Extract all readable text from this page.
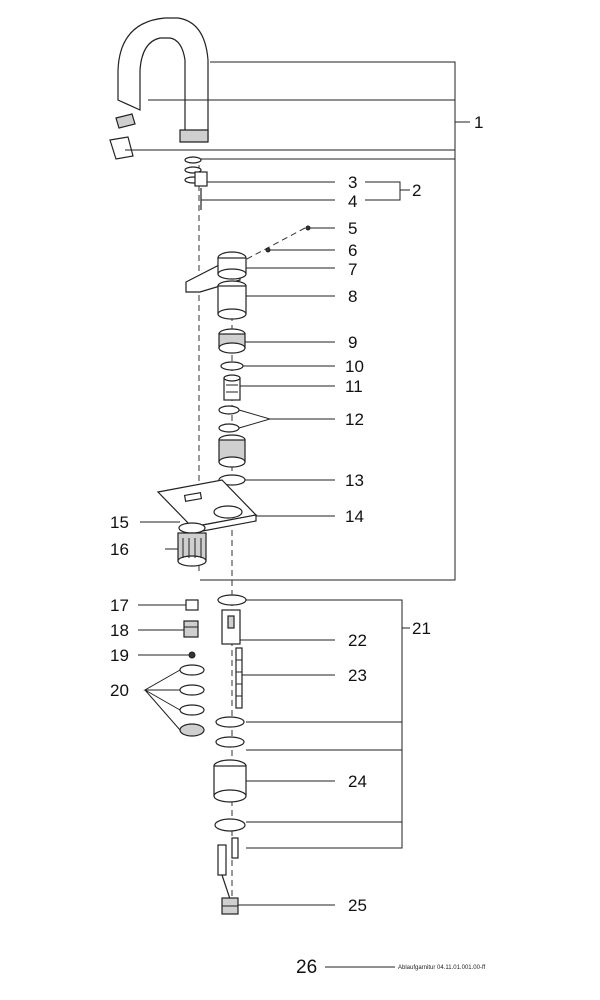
1
2
3
4
5
6
7
8
9
10
11
12
13
14
15
16
17
18
19
20
21
22
23
24
25
26	Ablaufgarnitur 04.11.01.001.00-ff
